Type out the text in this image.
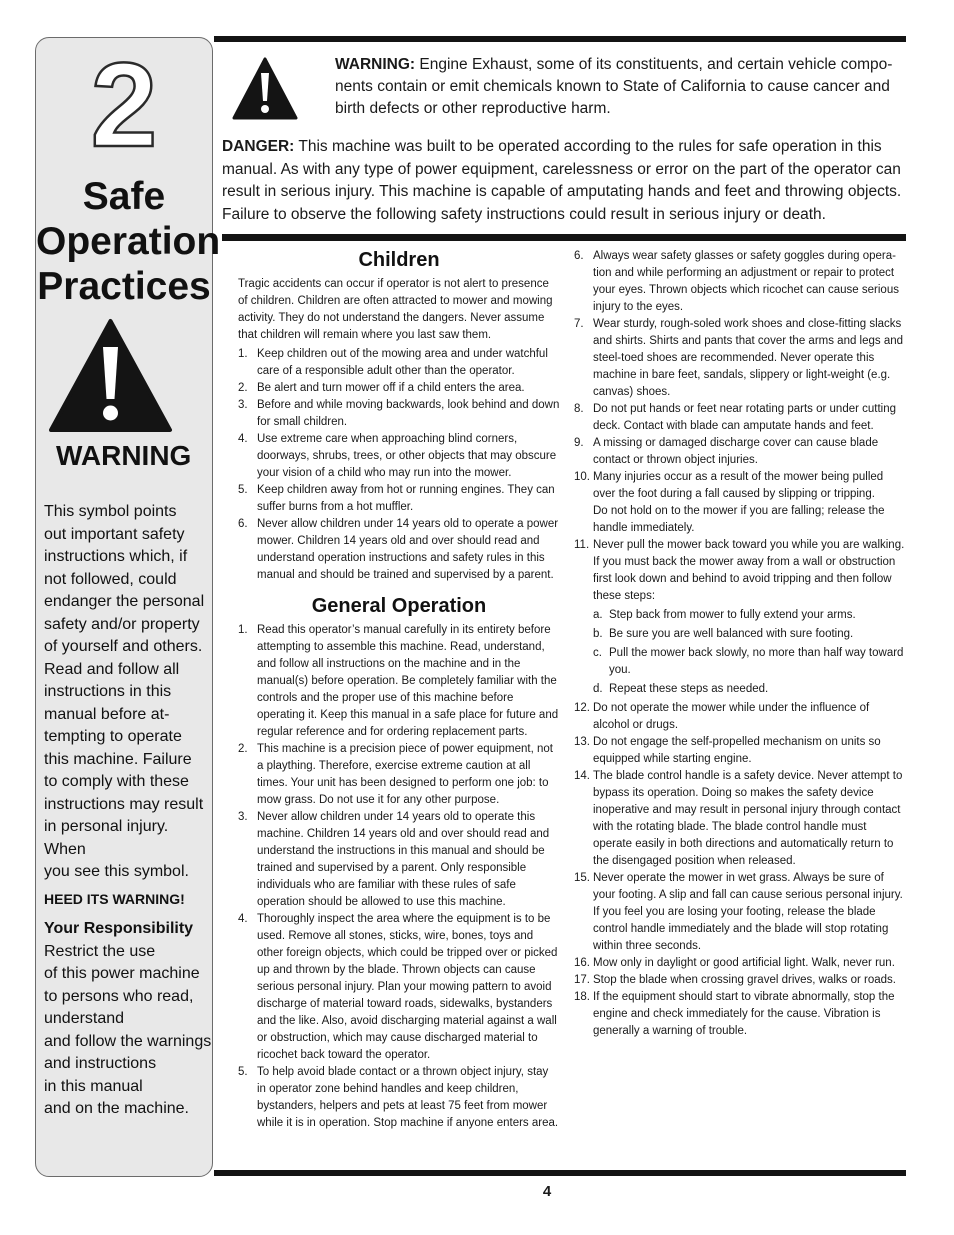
2
Safe
Operation
Practices
WARNING
This symbol points
out important safety
instructions which, if
not followed, could
endanger the personal
safety and/or property
of yourself and others.
Read and follow all
instructions in this
manual before at-
tempting to operate
this machine. Failure
to comply with these
instructions may result
in personal injury. When
you see this symbol.
HEED ITS WARNING!
Your Responsibility
Restrict the use
of this power machine
to persons who read,
understand
and follow the warnings
and instructions
in this manual
and on the machine.
WARNING: Engine Exhaust, some of its constituents, and certain vehicle compo-nents contain or emit chemicals known to State of California to cause cancer and birth defects or other reproductive harm.
DANGER: This machine was built to be operated according to the rules for safe operation in this manual. As with any type of power equipment, carelessness or error on the part of the operator can result in serious injury. This machine is capable of amputating hands and feet and throwing objects. Failure to observe the following safety instructions could result in serious injury or death.
Children
Tragic accidents can occur if operator is not alert to presence of children. Children are often attracted to mower and mowing activity. They do not understand the dangers. Never assume that children will remain where you last saw them.
1. Keep children out of the mowing area and under watchful care of a responsible adult other than the operator.
2. Be alert and turn mower off if a child enters the area.
3. Before and while moving backwards, look behind and down for small children.
4. Use extreme care when approaching blind corners, doorways, shrubs, trees, or other objects that may obscure your vision of a child who may run into the mower.
5. Keep children away from hot or running engines. They can suffer burns from a hot muffler.
6. Never allow children under 14 years old to operate a power mower. Children 14 years old and over should read and understand operation instructions and safety rules in this manual and should be trained and supervised by a parent.
General Operation
1. Read this operator’s manual carefully in its entirety before attempting to assemble this machine. Read, understand, and follow all instructions on the machine and in the manual(s) before operation. Be completely familiar with the controls and the proper use of this machine before operating it. Keep this manual in a safe place for future and regular reference and for ordering replacement parts.
2. This machine is a precision piece of power equipment, not a plaything. Therefore, exercise extreme caution at all times. Your unit has been designed to perform one job: to mow grass. Do not use it for any other purpose.
3. Never allow children under 14 years old to operate this machine. Children 14 years old and over should read and understand the instructions in this manual and should be trained and supervised by a parent. Only responsible individuals who are familiar with these rules of safe operation should be allowed to use this machine.
4. Thoroughly inspect the area where the equipment is to be used. Remove all stones, sticks, wire, bones, toys and other foreign objects, which could be tripped over or picked up and thrown by the blade. Thrown objects can cause serious personal injury. Plan your mowing pattern to avoid discharge of material toward roads, sidewalks, bystanders and the like. Also, avoid discharging material against a wall or obstruction, which may cause discharged material to ricochet back toward the operator.
5. To help avoid blade contact or a thrown object injury, stay in operator zone behind handles and keep children, bystanders, helpers and pets at least 75 feet from mower while it is in operation. Stop machine if anyone enters area.
6. Always wear safety glasses or safety goggles during opera-tion and while performing an adjustment or repair to protect your eyes. Thrown objects which ricochet can cause serious injury to the eyes.
7. Wear sturdy, rough-soled work shoes and close-fitting slacks and shirts. Shirts and pants that cover the arms and legs and steel-toed shoes are recommended. Never operate this machine in bare feet, sandals, slippery or light-weight (e.g. canvas) shoes.
8. Do not put hands or feet near rotating parts or under cutting deck. Contact with blade can amputate hands and feet.
9. A missing or damaged discharge cover can cause blade contact or thrown object injuries.
10. Many injuries occur as a result of the mower being pulled over the foot during a fall caused by slipping or tripping.
Do not hold on to the mower if you are falling; release the handle immediately.
11. Never pull the mower back toward you while you are walking. If you must back the mower away from a wall or obstruction first look down and behind to avoid tripping and then follow these steps:
a. Step back from mower to fully extend your arms.
b. Be sure you are well balanced with sure footing.
c. Pull the mower back slowly, no more than half way toward you.
d. Repeat these steps as needed.
12. Do not operate the mower while under the influence of alcohol or drugs.
13. Do not engage the self-propelled mechanism on units so equipped while starting engine.
14. The blade control handle is a safety device. Never attempt to bypass its operation. Doing so makes the safety device inoperative and may result in personal injury through contact with the rotating blade. The blade control handle must operate easily in both directions and automatically return to the disengaged position when released.
15. Never operate the mower in wet grass. Always be sure of your footing. A slip and fall can cause serious personal injury. If you feel you are losing your footing, release the blade control handle immediately and the blade will stop rotating within three seconds.
16. Mow only in daylight or good artificial light. Walk, never run.
17. Stop the blade when crossing gravel drives, walks or roads.
18. If the equipment should start to vibrate abnormally, stop the engine and check immediately for the cause. Vibration is generally a warning of trouble.
4
